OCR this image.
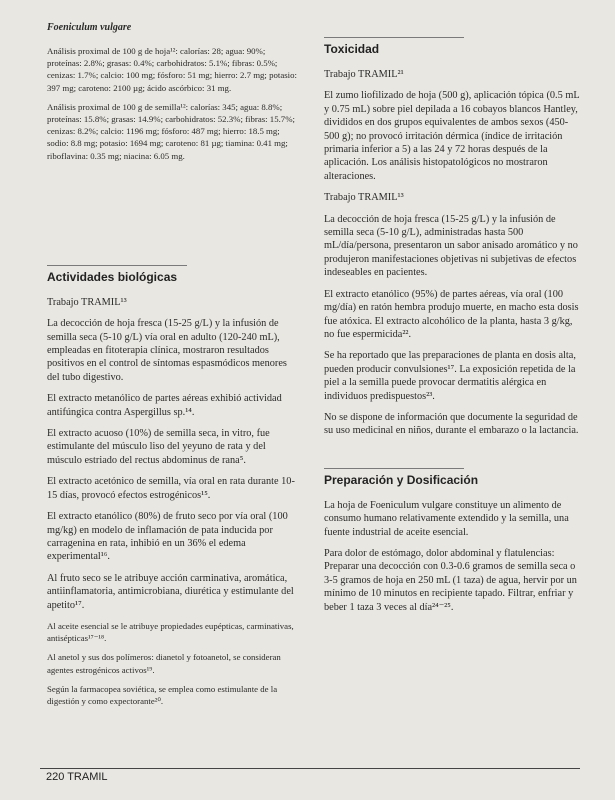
Foeniculum vulgare

Análisis proximal de 100 g de hoja¹²: calorías: 28; agua: 90%; proteínas: 2.8%; grasas: 0.4%; carbohidratos: 5.1%; fibras: 0.5%; cenizas: 1.7%; calcio: 100 mg; fósforo: 51 mg; hierro: 2.7 mg; potasio: 397 mg; caroteno: 2100 µg; ácido ascórbico: 31 mg.

Análisis proximal de 100 g de semilla¹²: calorías: 345; agua: 8.8%; proteínas: 15.8%; grasas: 14.9%; carbohidratos: 52.3%; fibras: 15.7%; cenizas: 8.2%; calcio: 1196 mg; fósforo: 487 mg; hierro: 18.5 mg; sodio: 8.8 mg; potasio: 1694 mg; caroteno: 81 µg; tiamina: 0.41 mg; riboflavina: 0.35 mg; niacina: 6.05 mg.

Actividades biológicas

Trabajo TRAMIL¹³

La decocción de hoja fresca (15-25 g/L) y la infusión de semilla seca (5-10 g/L) vía oral en adulto (120-240 mL), empleadas en fitoterapia clínica, mostraron resultados positivos en el control de síntomas espasmódicos menores del tubo digestivo.

El extracto metanólico de partes aéreas exhibió actividad antifúngica contra Aspergillus sp.¹⁴.

El extracto acuoso (10%) de semilla seca, in vitro, fue estimulante del músculo liso del yeyuno de rata y del músculo estriado del rectus abdominus de rana⁵.

El extracto acetónico de semilla, vía oral en rata durante 10-15 días, provocó efectos estrogénicos¹⁵.

El extracto etanólico (80%) de fruto seco por vía oral (100 mg/kg) en modelo de inflamación de pata inducida por carragenina en rata, inhibió en un 36% el edema experimental¹⁶.

Al fruto seco se le atribuye acción carminativa, aromática, antiinflamatoria, antimicrobiana, diurética y estimulante del apetito¹⁷.

Al aceite esencial se le atribuye propiedades eupépticas, carminativas, antisépticas¹⁷⁻¹⁸.

Al anetol y sus dos polímeros: dianetol y fotoanetol, se consideran agentes estrogénicos activos¹⁹.

Según la farmacopea soviética, se emplea como estimulante de la digestión y como expectorante²⁰.

Toxicidad

Trabajo TRAMIL²¹

El zumo liofilizado de hoja (500 g), aplicación tópica (0.5 mL y 0.75 mL) sobre piel depilada a 16 cobayos blancos Hantley, divididos en dos grupos equivalentes de ambos sexos (450-500 g); no provocó irritación dérmica (índice de irritación primaria inferior a 5) a las 24 y 72 horas después de la aplicación. Los análisis histopatológicos no mostraron alteraciones.

Trabajo TRAMIL¹³

La decocción de hoja fresca (15-25 g/L) y la infusión de semilla seca (5-10 g/L), administradas hasta 500 mL/día/persona, presentaron un sabor anisado aromático y no produjeron manifestaciones objetivas ni subjetivas de efectos indeseables en pacientes.

El extracto etanólico (95%) de partes aéreas, vía oral (100 mg/día) en ratón hembra produjo muerte, en macho esta dosis fue atóxica. El extracto alcohólico de la planta, hasta 3 g/kg, no fue espermicida²².

Se ha reportado que las preparaciones de planta en dosis alta, pueden producir convulsiones¹⁷. La exposición repetida de la piel a la semilla puede provocar dermatitis alérgica en individuos predispuestos²³.

No se dispone de información que documente la seguridad de su uso medicinal en niños, durante el embarazo o la lactancia.

Preparación y Dosificación

La hoja de Foeniculum vulgare constituye un alimento de consumo humano relativamente extendido y la semilla, una fuente industrial de aceite esencial.

Para dolor de estómago, dolor abdominal y flatulencias:

Preparar una decocción con 0.3-0.6 gramos de semilla seca o 3-5 gramos de hoja en 250 mL (1 taza) de agua, hervir por un mínimo de 10 minutos en recipiente tapado. Filtrar, enfriar y beber 1 taza 3 veces al día²⁴⁻²⁵.

220 TRAMIL
